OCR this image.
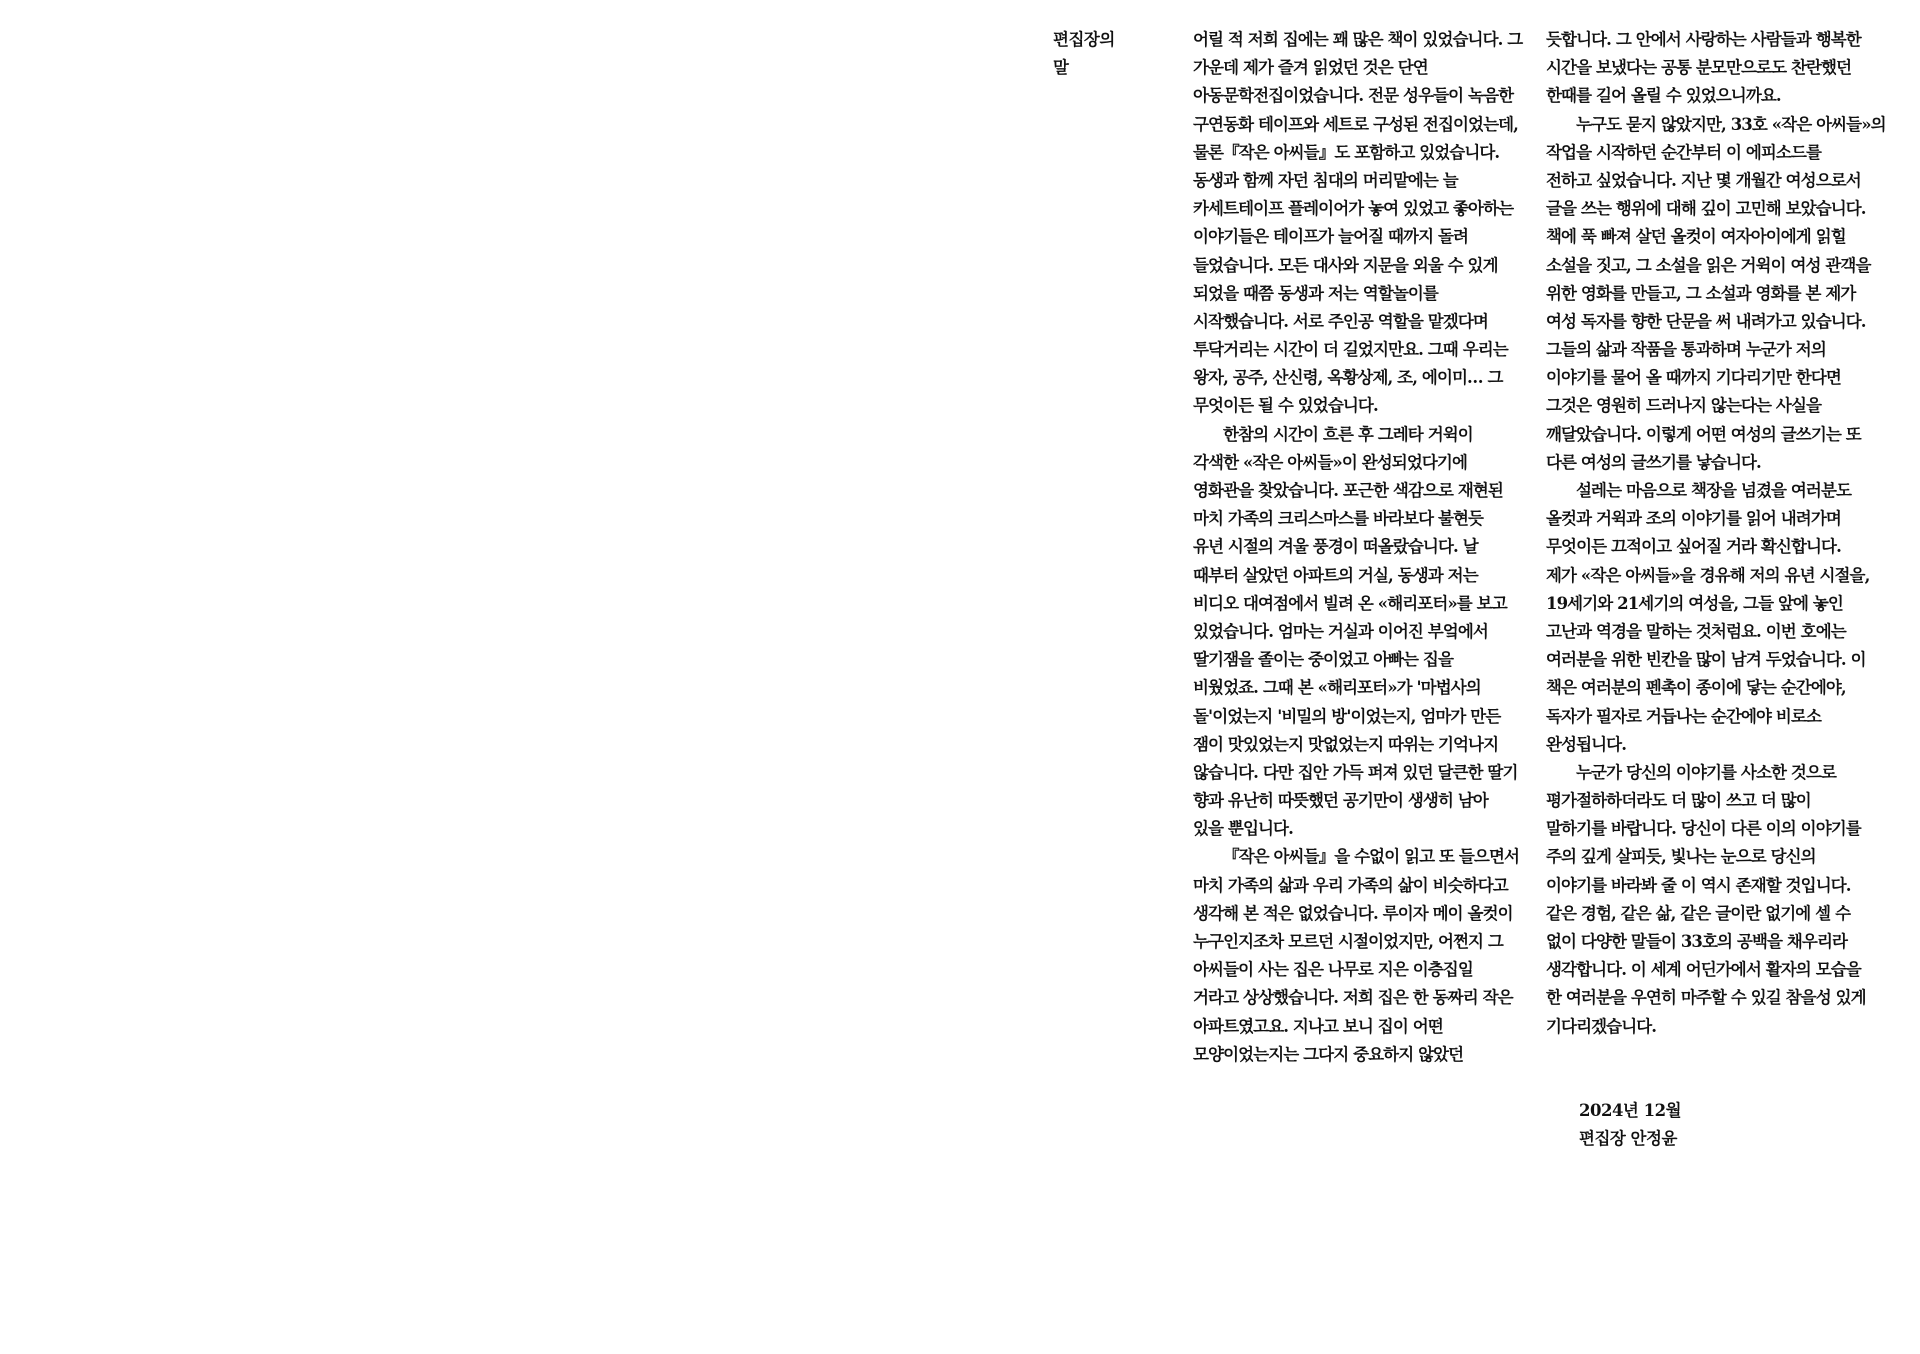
편집장의
말
어릴 적 저희 집에는 꽤 많은 책이 있었습니다. 그
가운데 제가 즐겨 읽었던 것은 단연
아동문학전집이었습니다. 전문 성우들이 녹음한
구연동화 테이프와 세트로 구성된 전집이었는데,
물론『작은 아씨들』도 포함하고 있었습니다.
동생과 함께 자던 침대의 머리맡에는 늘
카세트테이프 플레이어가 놓여 있었고 좋아하는
이야기들은 테이프가 늘어질 때까지 돌려
들었습니다. 모든 대사와 지문을 외울 수 있게
되었을 때쯤 동생과 저는 역할놀이를
시작했습니다. 서로 주인공 역할을 맡겠다며
투닥거리는 시간이 더 길었지만요. 그때 우리는
왕자, 공주, 산신령, 옥황상제, 조, 에이미… 그
무엇이든 될 수 있었습니다.
한참의 시간이 흐른 후 그레타 거윅이
각색한 «작은 아씨들»이 완성되었다기에
영화관을 찾았습니다. 포근한 색감으로 재현된
마치 가족의 크리스마스를 바라보다 불현듯
유년 시절의 겨울 풍경이 떠올랐습니다. 날
때부터 살았던 아파트의 거실, 동생과 저는
비디오 대여점에서 빌려 온 «해리포터»를 보고
있었습니다. 엄마는 거실과 이어진 부엌에서
딸기잼을 졸이는 중이었고 아빠는 집을
비웠었죠. 그때 본 «해리포터»가 '마법사의
돌'이었는지 '비밀의 방'이었는지, 엄마가 만든
잼이 맛있었는지 맛없었는지 따위는 기억나지
않습니다. 다만 집안 가득 퍼져 있던 달큰한 딸기
향과 유난히 따뜻했던 공기만이 생생히 남아
있을 뿐입니다.
『작은 아씨들』을 수없이 읽고 또 들으면서
마치 가족의 삶과 우리 가족의 삶이 비슷하다고
생각해 본 적은 없었습니다. 루이자 메이 올컷이
누구인지조차 모르던 시절이었지만, 어쩐지 그
아씨들이 사는 집은 나무로 지은 이층집일
거라고 상상했습니다. 저희 집은 한 동짜리 작은
아파트였고요. 지나고 보니 집이 어떤
모양이었는지는 그다지 중요하지 않았던
듯합니다. 그 안에서 사랑하는 사람들과 행복한
시간을 보냈다는 공통 분모만으로도 찬란했던
한때를 길어 올릴 수 있었으니까요.
누구도 묻지 않았지만, 33호 «작은 아씨들»의
작업을 시작하던 순간부터 이 에피소드를
전하고 싶었습니다. 지난 몇 개월간 여성으로서
글을 쓰는 행위에 대해 깊이 고민해 보았습니다.
책에 푹 빠져 살던 올컷이 여자아이에게 읽힐
소설을 짓고, 그 소설을 읽은 거윅이 여성 관객을
위한 영화를 만들고, 그 소설과 영화를 본 제가
여성 독자를 향한 단문을 써 내려가고 있습니다.
그들의 삶과 작품을 통과하며 누군가 저의
이야기를 물어 올 때까지 기다리기만 한다면
그것은 영원히 드러나지 않는다는 사실을
깨달았습니다. 이렇게 어떤 여성의 글쓰기는 또
다른 여성의 글쓰기를 낳습니다.
설레는 마음으로 책장을 넘겼을 여러분도
올컷과 거윅과 조의 이야기를 읽어 내려가며
무엇이든 끄적이고 싶어질 거라 확신합니다.
제가 «작은 아씨들»을 경유해 저의 유년 시절을,
19세기와 21세기의 여성을, 그들 앞에 놓인
고난과 역경을 말하는 것처럼요. 이번 호에는
여러분을 위한 빈칸을 많이 남겨 두었습니다. 이
책은 여러분의 펜촉이 종이에 닿는 순간에야,
독자가 필자로 거듭나는 순간에야 비로소
완성됩니다.
누군가 당신의 이야기를 사소한 것으로
평가절하하더라도 더 많이 쓰고 더 많이
말하기를 바랍니다. 당신이 다른 이의 이야기를
주의 깊게 살피듯, 빛나는 눈으로 당신의
이야기를 바라봐 줄 이 역시 존재할 것입니다.
같은 경험, 같은 삶, 같은 글이란 없기에 셀 수
없이 다양한 말들이 33호의 공백을 채우리라
생각합니다. 이 세계 어딘가에서 활자의 모습을
한 여러분을 우연히 마주할 수 있길 참을성 있게
기다리겠습니다.
2024년 12월
편집장 안정윤
